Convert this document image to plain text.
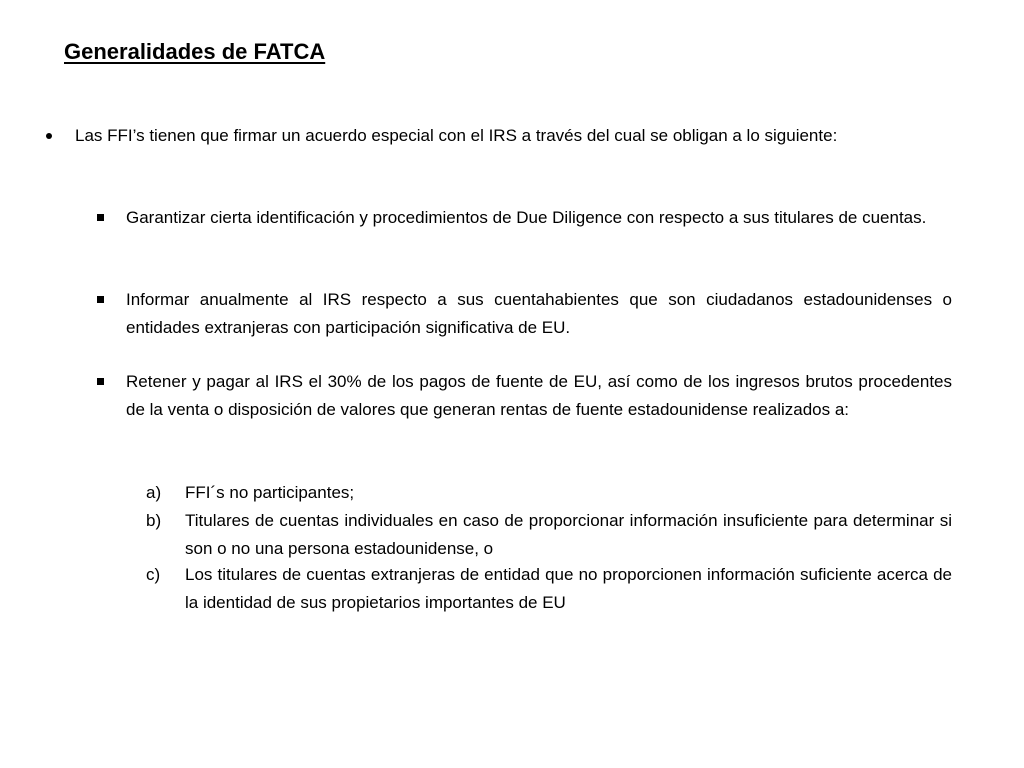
Generalidades de FATCA

Las FFI’s tienen que firmar un acuerdo especial con el IRS a través del cual se obligan a lo siguiente:

Garantizar cierta identificación y procedimientos de Due Diligence con respecto a sus titulares de cuentas.

Informar anualmente al IRS respecto a sus cuentahabientes que son ciudadanos estadounidenses o entidades extranjeras con participación significativa de EU.

Retener y pagar al IRS el 30% de los pagos de fuente de EU, así como de los ingresos brutos procedentes de la venta o disposición de valores que generan rentas de fuente estadounidense realizados a:

a) FFI´s no participantes;

b) Titulares de cuentas individuales en caso de proporcionar información insuficiente para determinar si son o no una persona estadounidense, o

c) Los titulares de cuentas extranjeras de entidad que no proporcionen información suficiente acerca de la identidad de sus propietarios importantes de EU
